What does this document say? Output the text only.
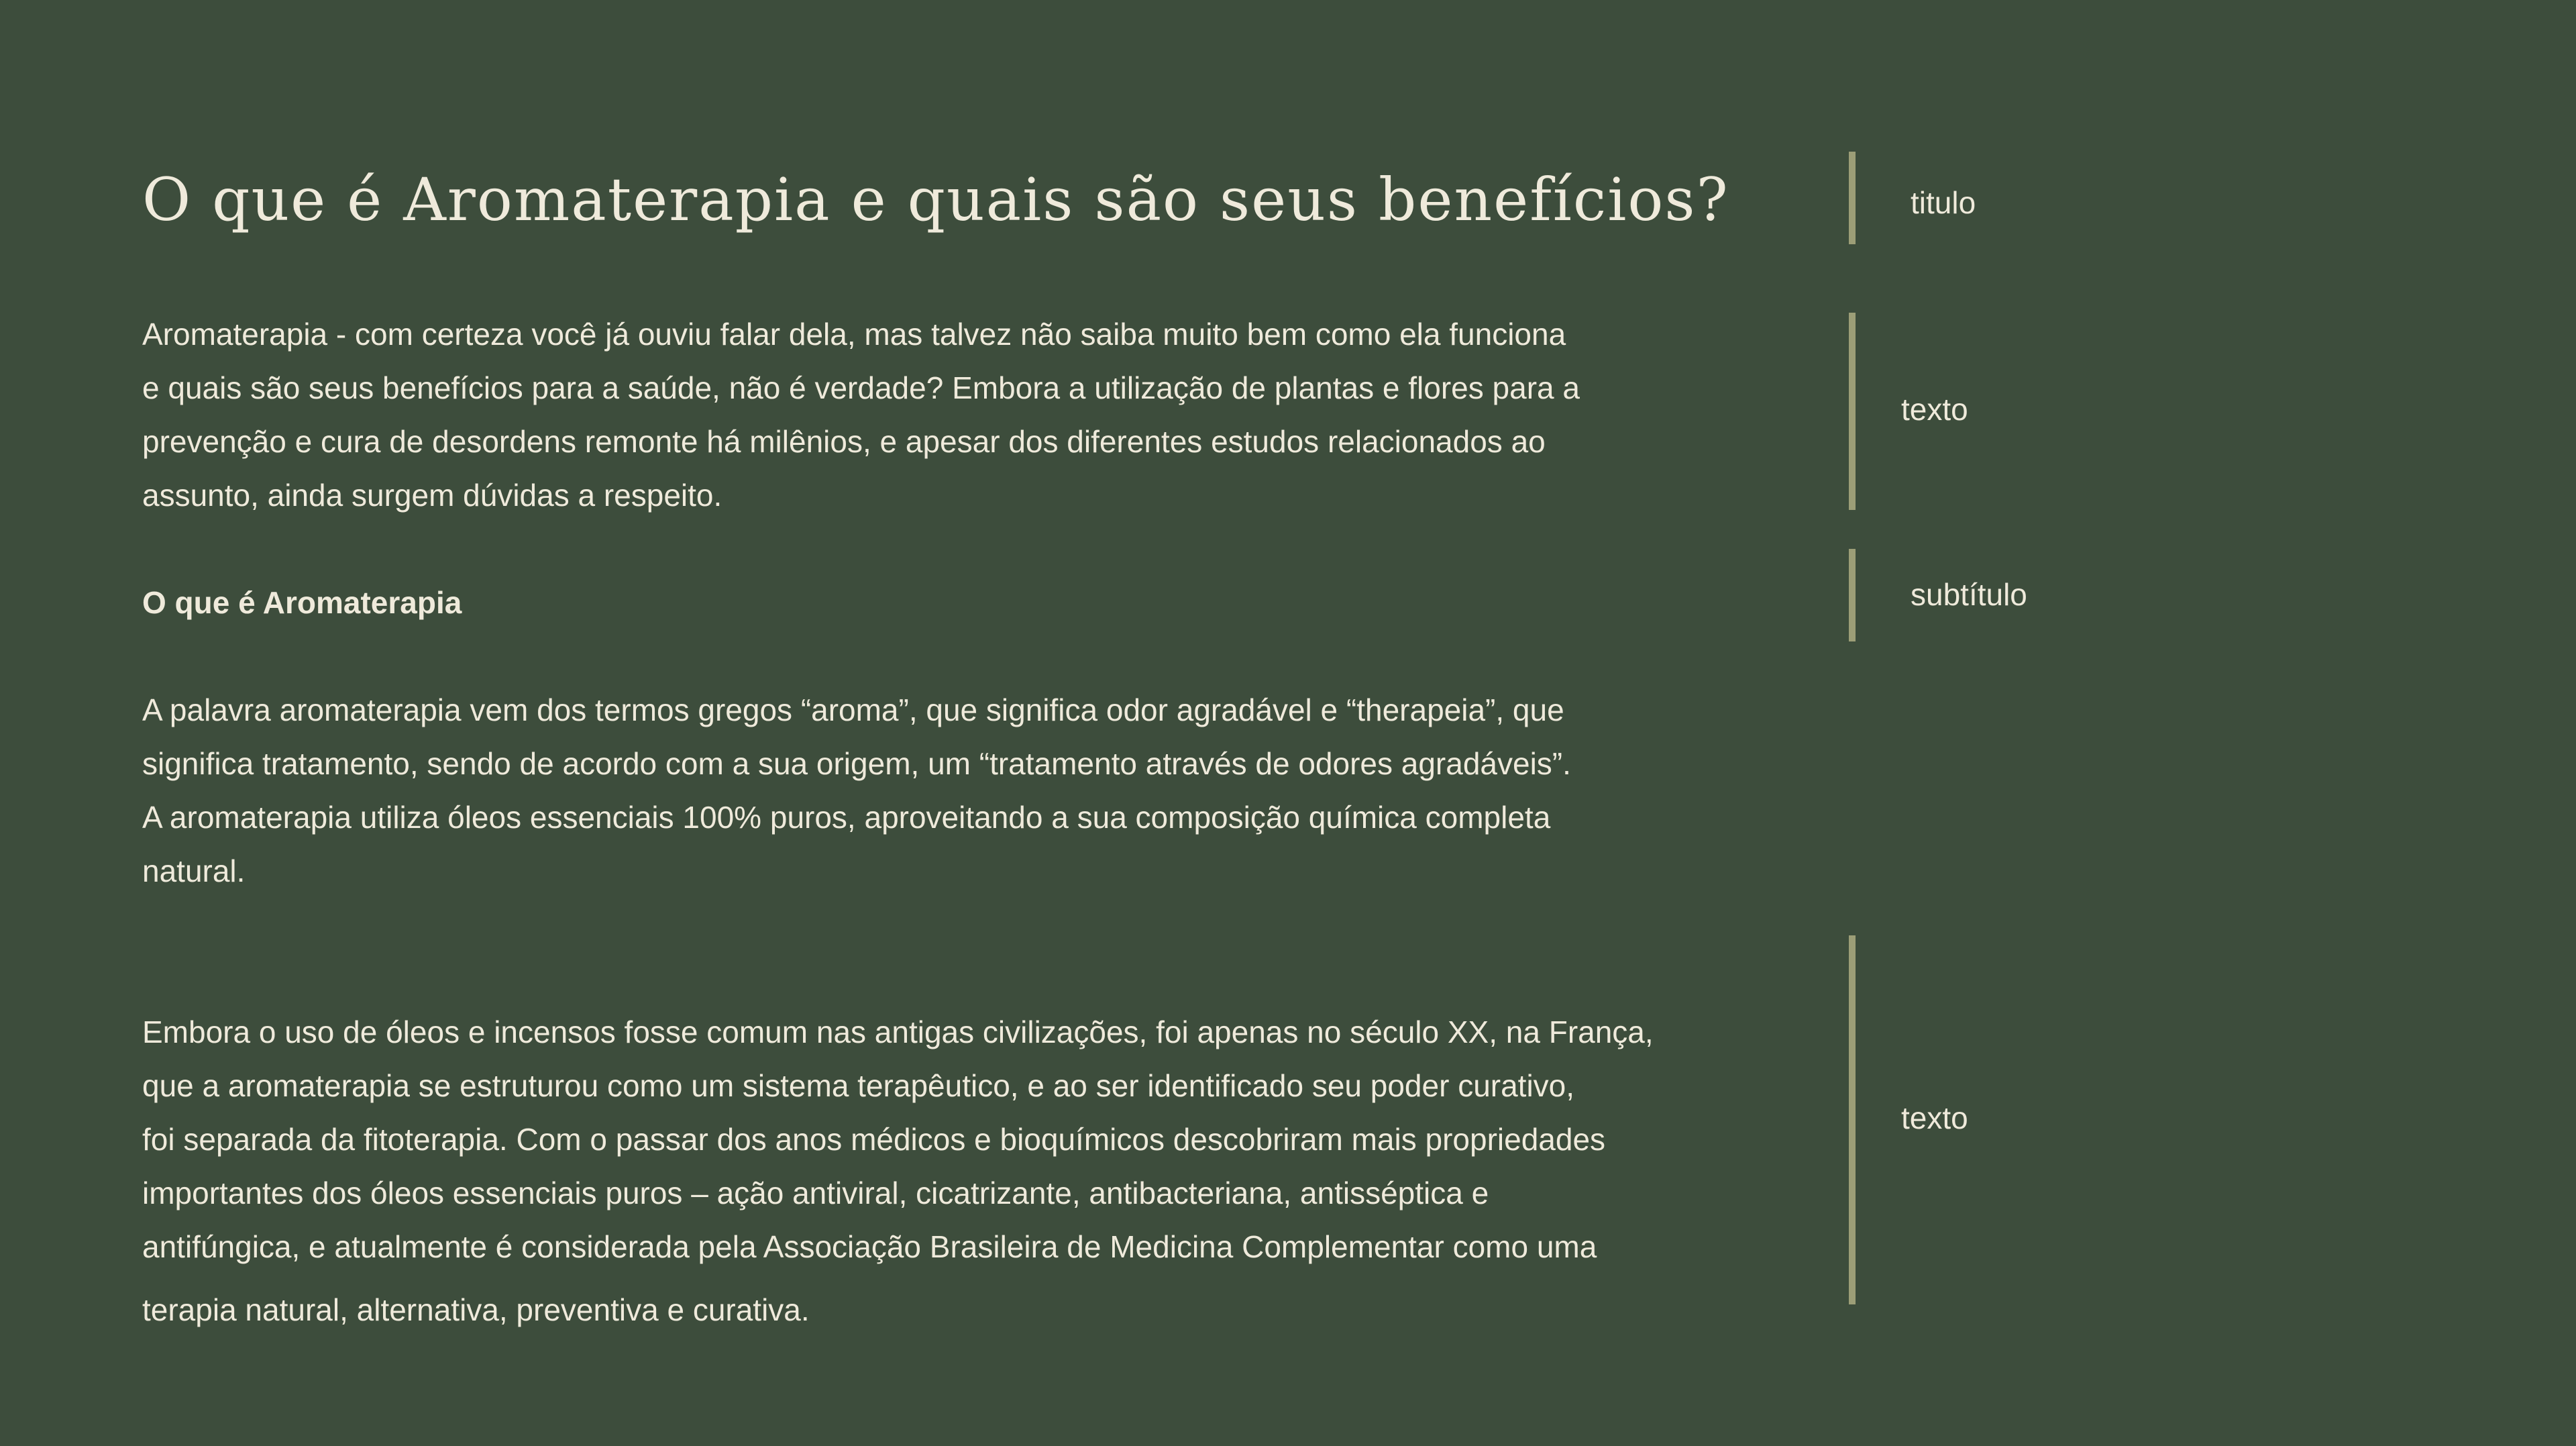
O que é Aromaterapia e quais são seus benefícios?

Aromaterapia - com certeza você já ouviu falar dela, mas talvez não saiba muito bem como ela funciona
e quais são seus benefícios para a saúde, não é verdade? Embora a utilização de plantas e flores para a
prevenção e cura de desordens remonte há milênios, e apesar dos diferentes estudos relacionados ao
assunto, ainda surgem dúvidas a respeito.

O que é Aromaterapia

A palavra aromaterapia vem dos termos gregos “aroma”, que significa odor agradável e “therapeia”, que
significa tratamento, sendo de acordo com a sua origem, um “tratamento através de odores agradáveis”.
A aromaterapia utiliza óleos essenciais 100% puros, aproveitando a sua composição química completa
natural.

Embora o uso de óleos e incensos fosse comum nas antigas civilizações, foi apenas no século XX, na França,
que a aromaterapia se estruturou como um sistema terapêutico, e ao ser identificado seu poder curativo,
foi separada da fitoterapia. Com o passar dos anos médicos e bioquímicos descobriram mais propriedades
importantes dos óleos essenciais puros – ação antiviral, cicatrizante, antibacteriana, antisséptica e
antifúngica, e atualmente é considerada pela Associação Brasileira de Medicina Complementar como uma

terapia natural, alternativa, preventiva e curativa.

titulo
texto
subtítulo
texto
